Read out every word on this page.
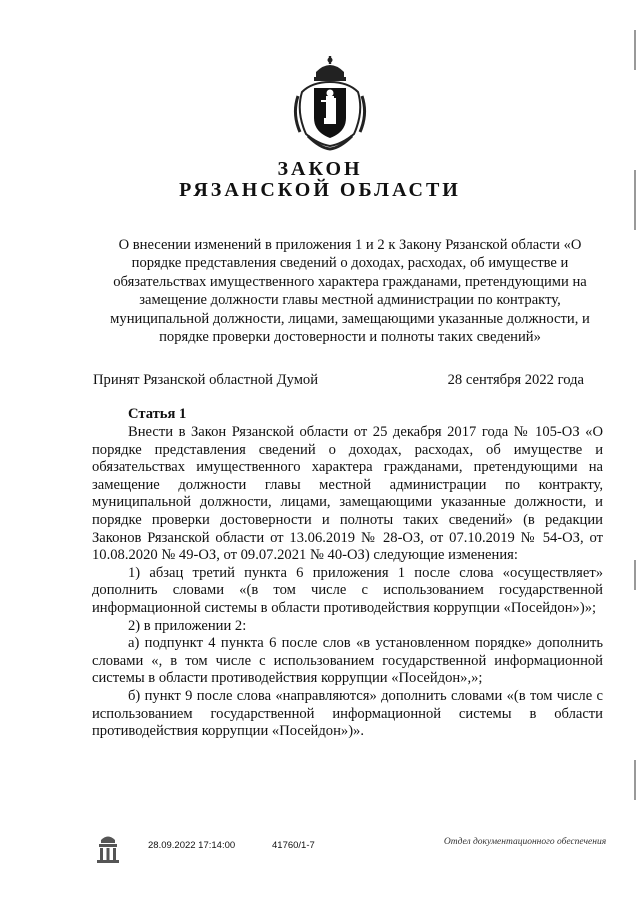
ЗАКОН
РЯЗАНСКОЙ ОБЛАСТИ
О внесении изменений в приложения 1 и 2 к Закону Рязанской области «О порядке представления сведений о доходах, расходах, об имуществе и обязательствах имущественного характера гражданами, претендующими на замещение должности главы местной администрации по контракту, муниципальной должности, лицами, замещающими указанные должности, и порядке проверки достоверности и полноты таких сведений»
Принят Рязанской областной Думой	28 сентября 2022 года
Статья 1

Внести в Закон Рязанской области от 25 декабря 2017 года № 105-ОЗ «О порядке представления сведений о доходах, расходах, об имуществе и обязательствах имущественного характера гражданами, претендующими на замещение должности главы местной администрации по контракту, муниципальной должности, лицами, замещающими указанные должности, и порядке проверки достоверности и полноты таких сведений» (в редакции Законов Рязанской области от 13.06.2019 № 28-ОЗ, от 07.10.2019 № 54-ОЗ, от 10.08.2020 № 49-ОЗ, от 09.07.2021 № 40-ОЗ) следующие изменения:

1) абзац третий пункта 6 приложения 1 после слова «осуществляет» дополнить словами «(в том числе с использованием государственной информационной системы в области противодействия коррупции «Посейдон»)»;

2) в приложении 2:

а) подпункт 4 пункта 6 после слов «в установленном порядке» дополнить словами «, в том числе с использованием государственной информационной системы в области противодействия коррупции «Посейдон»,»;

б) пункт 9 после слова «направляются» дополнить словами «(в том числе с использованием государственной информационной системы в области противодействия коррупции «Посейдон»)».

28.09.2022 17:14:00	41760/1-7	Отдел документационного обеспечения
